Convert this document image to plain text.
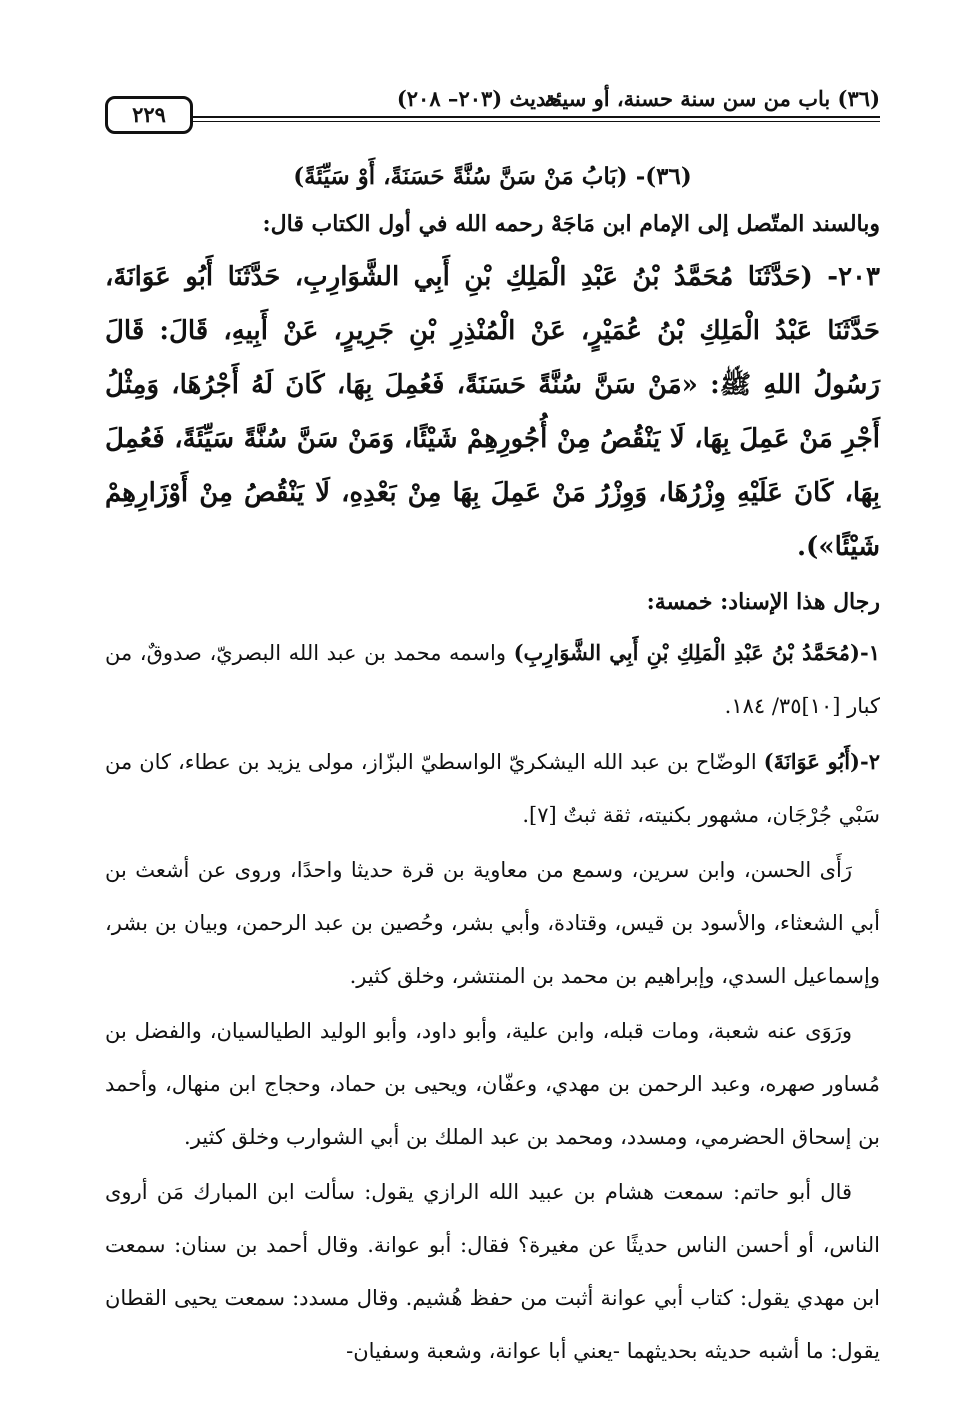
(٣٦) باب من سن سنة حسنة، أو سيئة
حديث (٢٠٣– ٢٠٨)
٢٢٩
(٣٦)- (بَابُ مَنْ سَنَّ سُنَّةً حَسَنَةً، أَوْ سَيِّئَةً)

وبالسند المتّصل إلى الإمام ابن مَاجَهْ رحمه الله في أول الكتاب قال:

٢٠٣- (حَدَّثَنَا مُحَمَّدُ بْنُ عَبْدِ الْمَلِكِ بْنِ أَبِي الشَّوَارِبِ، حَدَّثَنَا أَبُو عَوَانَةَ، حَدَّثَنَا عَبْدُ الْمَلِكِ بْنُ عُمَيْرٍ، عَنْ الْمُنْذِرِ بْنِ جَرِيرٍ، عَنْ أَبِيهِ، قَالَ: قَالَ رَسُولُ اللهِ ﷺ: «مَنْ سَنَّ سُنَّةً حَسَنَةً، فَعُمِلَ بِهَا، كَانَ لَهُ أَجْرُهَا، وَمِثْلُ أَجْرِ مَنْ عَمِلَ بِهَا، لَا يَنْقُصُ مِنْ أُجُورِهِمْ شَيْئًا، وَمَنْ سَنَّ سُنَّةً سَيِّئَةً، فَعُمِلَ بِهَا، كَانَ عَلَيْهِ وِزْرُهَا، وَوِزْرُ مَنْ عَمِلَ بِهَا مِنْ بَعْدِهِ، لَا يَنْقُصُ مِنْ أَوْزَارِهِمْ شَيْئًا»).

رجال هذا الإسناد: خمسة:

١-(مُحَمَّدُ بْنُ عَبْدِ الْمَلِكِ بْنِ أَبِي الشَّوَارِبِ) واسمه محمد بن عبد الله البصريّ، صدوقٌ، من كبار [١٠]٣٥/ ١٨٤.

٢-(أَبُو عَوَانَةَ) الوضّاح بن عبد الله اليشكريّ الواسطيّ البزّاز، مولى يزيد بن عطاء، كان من سَبْي جُرْجَان، مشهور بكنيته، ثقة ثبتٌ [٧].

رَأَى الحسن، وابن سرين، وسمع من معاوية بن قرة حديثا واحدًا، وروى عن أشعث بن أبي الشعثاء، والأسود بن قيس، وقتادة، وأبي بشر، وحُصين بن عبد الرحمن، وبيان بن بشر، وإسماعيل السدي، وإبراهيم بن محمد بن المنتشر، وخلق كثير.

ورَوَى عنه شعبة، ومات قبله، وابن علية، وأبو داود، وأبو الوليد الطيالسيان، والفضل بن مُساور صهره، وعبد الرحمن بن مهدي، وعفّان، ويحيى بن حماد، وحجاج ابن منهال، وأحمد بن إسحاق الحضرمي، ومسدد، ومحمد بن عبد الملك بن أبي الشوارب وخلق كثير.

قال أبو حاتم: سمعت هشام بن عبيد الله الرازي يقول: سألت ابن المبارك مَن أروى الناس، أو أحسن الناس حديثًا عن مغيرة؟ فقال: أبو عوانة. وقال أحمد بن سنان: سمعت ابن مهدي يقول: كتاب أبي عوانة أثبت من حفظ هُشيم. وقال مسدد: سمعت يحيى القطان يقول: ما أشبه حديثه بحديثهما -يعني أبا عوانة، وشعبة وسفيان-
